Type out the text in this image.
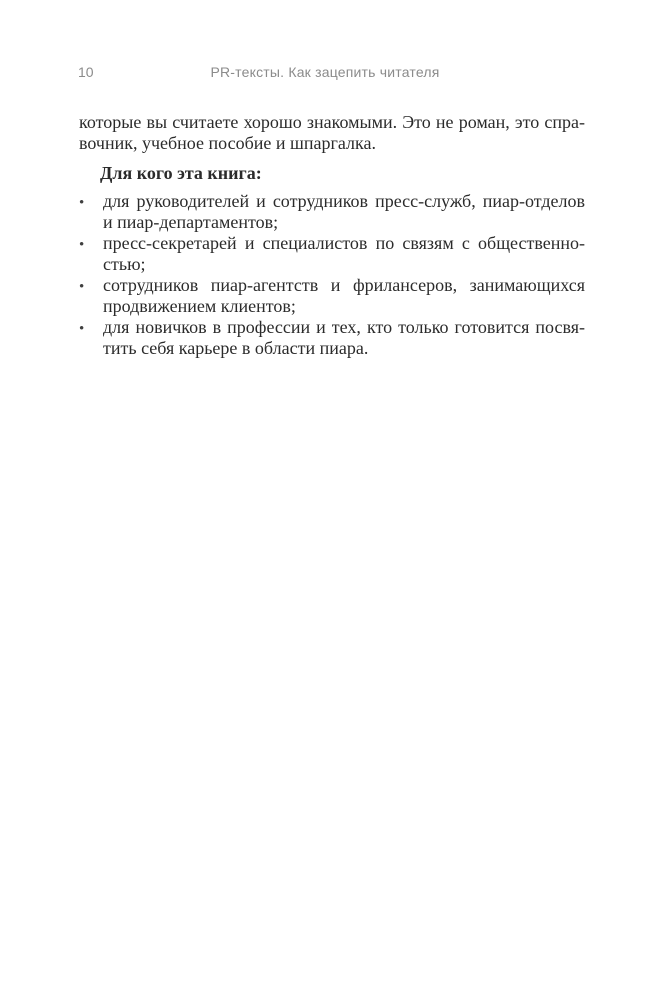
10	PR-тексты. Как зацепить читателя

которые вы считаете хорошо знакомыми. Это не роман, это спра-
вочник, учебное пособие и шпаргалка.

Для кого эта книга:
•	для руководителей и сотрудников пресс-служб, пиар-отделов
и пиар-департаментов;
•	пресс-секретарей и специалистов по связям с общественно-
стью;
•	сотрудников пиар-агентств и фрилансеров, занимающихся
продвижением клиентов;
•	для новичков в профессии и тех, кто только готовится посвя-
тить себя карьере в области пиара.
